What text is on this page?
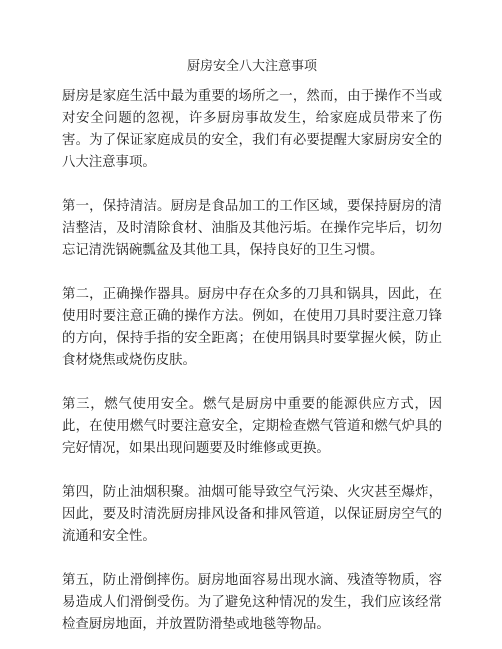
厨房安全八大注意事项

厨房是家庭生活中最为重要的场所之一，然而，由于操作不当或对安全问题的忽视，许多厨房事故发生，给家庭成员带来了伤害。为了保证家庭成员的安全，我们有必要提醒大家厨房安全的八大注意事项。

第一，保持清洁。厨房是食品加工的工作区域，要保持厨房的清洁整洁，及时清除食材、油脂及其他污垢。在操作完毕后，切勿忘记清洗锅碗瓢盆及其他工具，保持良好的卫生习惯。

第二，正确操作器具。厨房中存在众多的刀具和锅具，因此，在使用时要注意正确的操作方法。例如，在使用刀具时要注意刀锋的方向，保持手指的安全距离；在使用锅具时要掌握火候，防止食材烧焦或烧伤皮肤。

第三，燃气使用安全。燃气是厨房中重要的能源供应方式，因此，在使用燃气时要注意安全，定期检查燃气管道和燃气炉具的完好情况，如果出现问题要及时维修或更换。

第四，防止油烟积聚。油烟可能导致空气污染、火灾甚至爆炸，因此，要及时清洗厨房排风设备和排风管道，以保证厨房空气的流通和安全性。

第五，防止滑倒摔伤。厨房地面容易出现水滴、残渣等物质，容易造成人们滑倒受伤。为了避免这种情况的发生，我们应该经常检查厨房地面，并放置防滑垫或地毯等物品。
